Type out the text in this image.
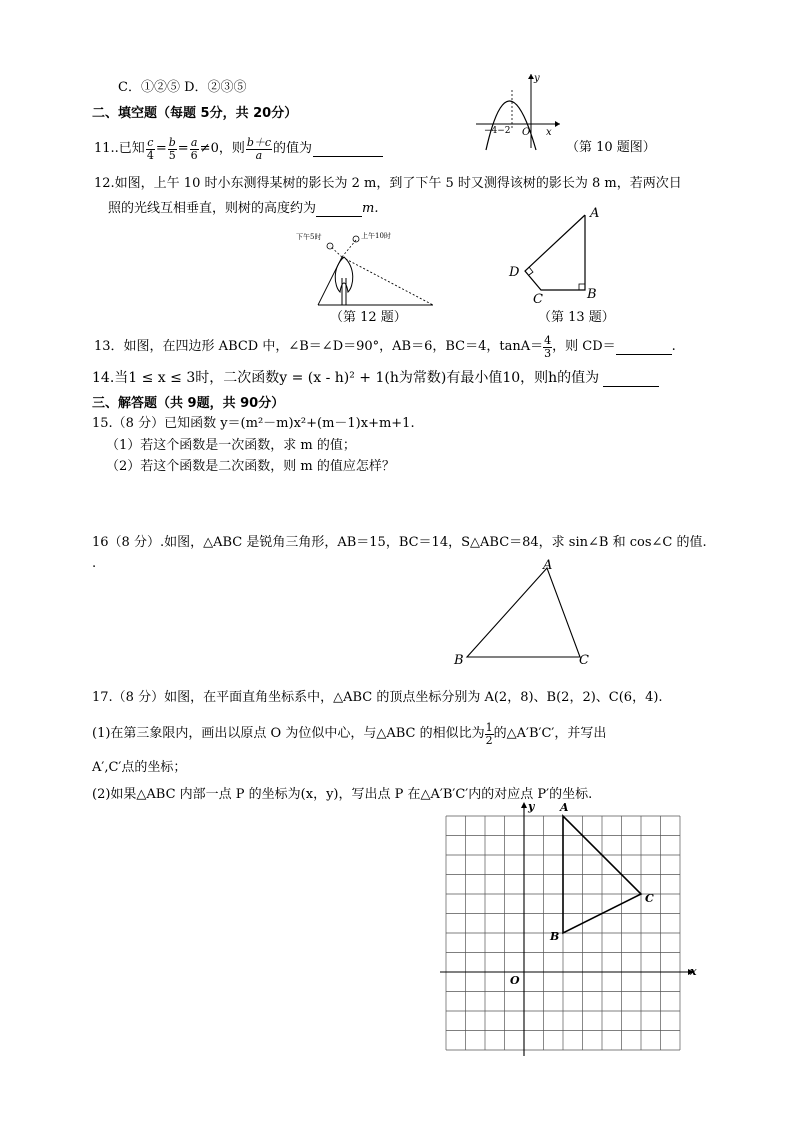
C．①②⑤ D．②③⑤
y
x
O
−4−2
二、填空题（每题 5分，共 20分）
（第 10 题图）
11..已知 $\frac{c}{4} = \frac{b}{5} = \frac{a}{6} \ne 0$，则 $\frac{b+c}{a}$ 的值为
12.如图，上午 10 时小东测得某树的影长为 2 m，到了下午 5 时又测得该树的影长为 8 m，若两次日
照的光线互相垂直，则树的高度约为	m.
下午5时	上午10时
（第 12 题）
A
B
C
D
（第 13 题）
13．如图，在四边形 ABCD 中，∠B＝∠D＝90°，AB＝6，BC＝4，$\tan A= \frac{4}{3}$ ，则 CD＝	.
14.当1 ≤ x ≤ 3时，二次函数y = (x - h)² + 1(h为常数)有最小值10，则h的值为
三、解答题（共 9题，共 90分）
15.（8 分）已知函数 y＝(m²－m)x²+(m－1)x+m+1.
（1）若这个函数是一次函数，求 m 的值；
（2）若这个函数是二次函数，则 m 的值应怎样？
16（8 分）.如图，△ABC 是锐角三角形，AB＝15，BC＝14，S△ABC＝84，求 sin∠B 和 cos∠C 的值.
.	A
B	C
17.（8 分）如图，在平面直角坐标系中，△ABC 的顶点坐标分别为 A(2，8)、B(2，2)、C(6，4).
(1)在第三象限内，画出以原点 O 为位似中心，与△ABC 的相似比为 $\frac{1}{2}$ 的△A′B′C′，并写出
A′,C′点的坐标；
(2)如果△ABC 内部一点 P 的坐标为(x，y)，写出点 P 在△A′B′C′内的对应点 P′的坐标.
A
B
C
O
x
y
